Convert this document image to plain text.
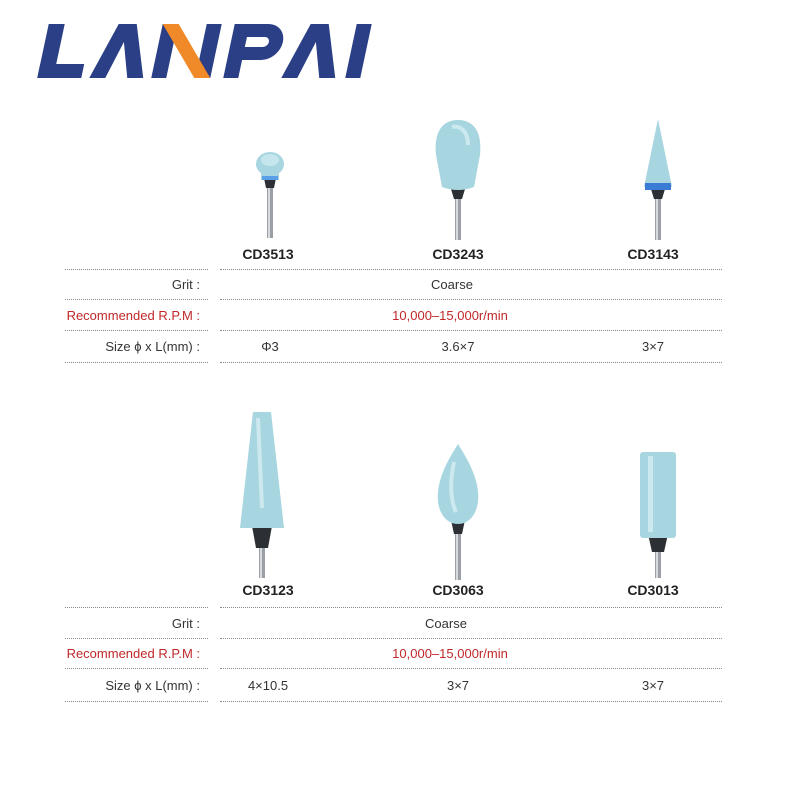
CD3513	CD3243	CD3143
Grit :	Coarse
Recommended R.P.M :	10,000–15,000r/min
Size ϕ x L(mm) :	Φ3	3.6×7	3×7
CD3123	CD3063	CD3013
Grit :	Coarse
Recommended R.P.M :	10,000–15,000r/min
Size ϕ x L(mm) :	4×10.5	3×7	3×7
